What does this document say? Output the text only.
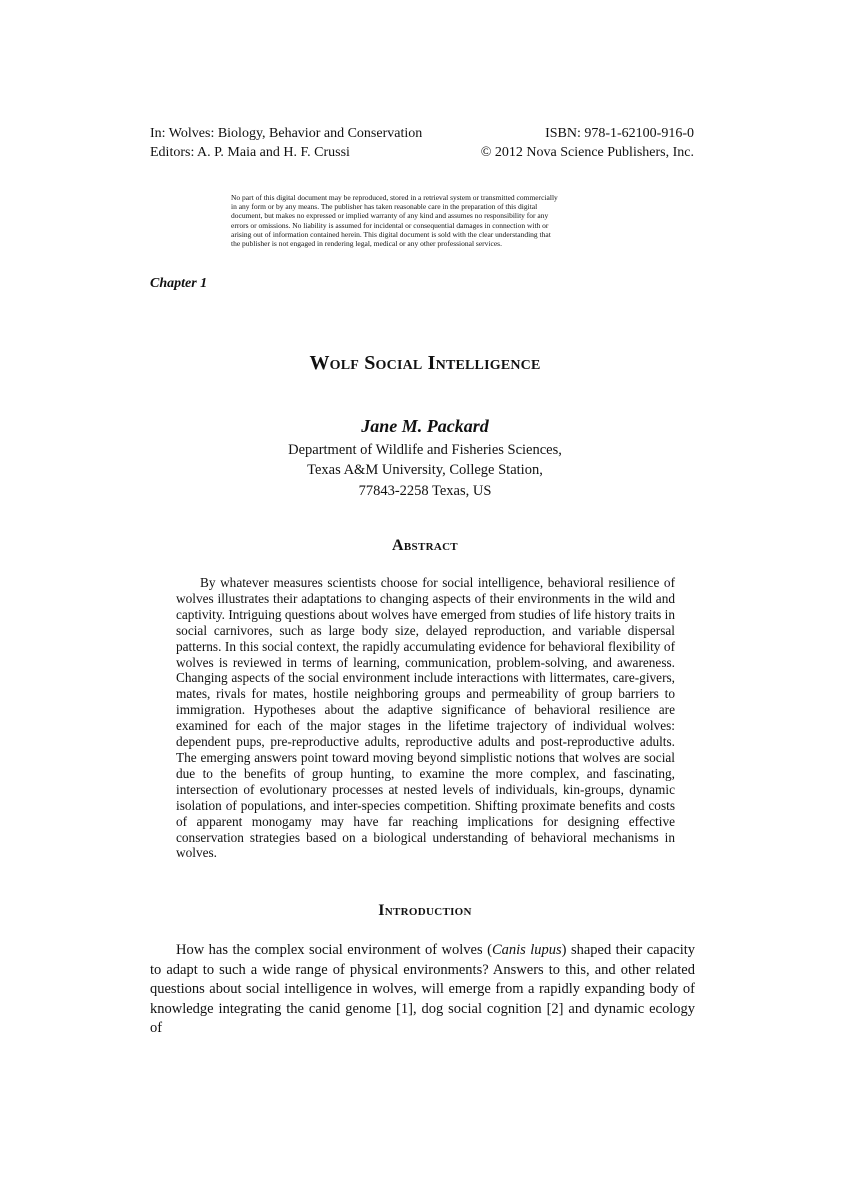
In: Wolves: Biology, Behavior and Conservation	ISBN: 978-1-62100-916-0
Editors: A. P. Maia and H. F. Crussi	© 2012 Nova Science Publishers, Inc.
No part of this digital document may be reproduced, stored in a retrieval system or transmitted commercially
in any form or by any means. The publisher has taken reasonable care in the preparation of this digital
document, but makes no expressed or implied warranty of any kind and assumes no responsibility for any
errors or omissions. No liability is assumed for incidental or consequential damages in connection with or
arising out of information contained herein. This digital document is sold with the clear understanding that
the publisher is not engaged in rendering legal, medical or any other professional services.
Chapter 1
Wolf Social Intelligence
Jane M. Packard
Department of Wildlife and Fisheries Sciences,
Texas A&M University, College Station,
77843-2258 Texas, US
Abstract

By whatever measures scientists choose for social intelligence, behavioral resilience of wolves illustrates their adaptations to changing aspects of their environments in the wild and captivity. Intriguing questions about wolves have emerged from studies of life history traits in social carnivores, such as large body size, delayed reproduction, and variable dispersal patterns. In this social context, the rapidly accumulating evidence for behavioral flexibility of wolves is reviewed in terms of learning, communication, problem-solving, and awareness. Changing aspects of the social environment include interactions with littermates, care-givers, mates, rivals for mates, hostile neighboring groups and permeability of group barriers to immigration. Hypotheses about the adaptive significance of behavioral resilience are examined for each of the major stages in the lifetime trajectory of individual wolves: dependent pups, pre-reproductive adults, reproductive adults and post-reproductive adults. The emerging answers point toward moving beyond simplistic notions that wolves are social due to the benefits of group hunting, to examine the more complex, and fascinating, intersection of evolutionary processes at nested levels of individuals, kin-groups, dynamic isolation of populations, and inter-species competition. Shifting proximate benefits and costs of apparent monogamy may have far reaching implications for designing effective conservation strategies based on a biological understanding of behavioral mechanisms in wolves.

Introduction

How has the complex social environment of wolves (Canis lupus) shaped their capacity to adapt to such a wide range of physical environments? Answers to this, and other related questions about social intelligence in wolves, will emerge from a rapidly expanding body of knowledge integrating the canid genome [1], dog social cognition [2] and dynamic ecology of
